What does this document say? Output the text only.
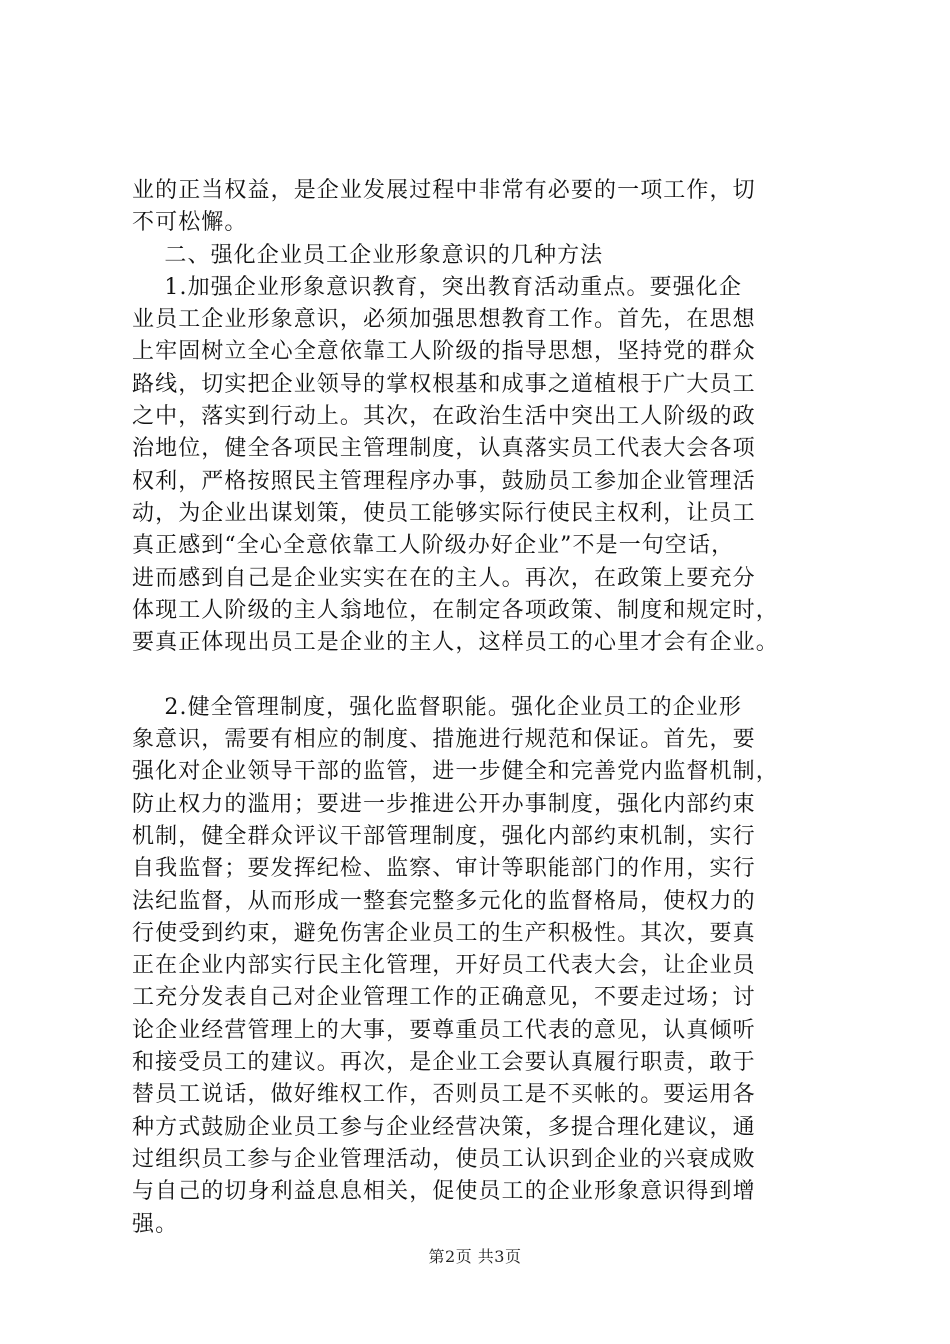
业的正当权益，是企业发展过程中非常有必要的一项工作，切
不可松懈。
二、强化企业员工企业形象意识的几种方法
1.加强企业形象意识教育，突出教育活动重点。要强化企
业员工企业形象意识，必须加强思想教育工作。首先，在思想
上牢固树立全心全意依靠工人阶级的指导思想，坚持党的群众
路线，切实把企业领导的掌权根基和成事之道植根于广大员工
之中，落实到行动上。其次，在政治生活中突出工人阶级的政
治地位，健全各项民主管理制度，认真落实员工代表大会各项
权利，严格按照民主管理程序办事，鼓励员工参加企业管理活
动，为企业出谋划策，使员工能够实际行使民主权利，让员工
真正感到“全心全意依靠工人阶级办好企业”不是一句空话，
进而感到自己是企业实实在在的主人。再次，在政策上要充分
体现工人阶级的主人翁地位，在制定各项政策、制度和规定时，
要真正体现出员工是企业的主人，这样员工的心里才会有企业。
2.健全管理制度，强化监督职能。强化企业员工的企业形
象意识，需要有相应的制度、措施进行规范和保证。首先，要
强化对企业领导干部的监管，进一步健全和完善党内监督机制，
防止权力的滥用；要进一步推进公开办事制度，强化内部约束
机制，健全群众评议干部管理制度，强化内部约束机制，实行
自我监督；要发挥纪检、监察、审计等职能部门的作用，实行
法纪监督，从而形成一整套完整多元化的监督格局，使权力的
行使受到约束，避免伤害企业员工的生产积极性。其次，要真
正在企业内部实行民主化管理，开好员工代表大会，让企业员
工充分发表自己对企业管理工作的正确意见，不要走过场；讨
论企业经营管理上的大事，要尊重员工代表的意见，认真倾听
和接受员工的建议。再次，是企业工会要认真履行职责，敢于
替员工说话，做好维权工作，否则员工是不买帐的。要运用各
种方式鼓励企业员工参与企业经营决策，多提合理化建议，通
过组织员工参与企业管理活动，使员工认识到企业的兴衰成败
与自己的切身利益息息相关，促使员工的企业形象意识得到增
强。
第2页 共3页
